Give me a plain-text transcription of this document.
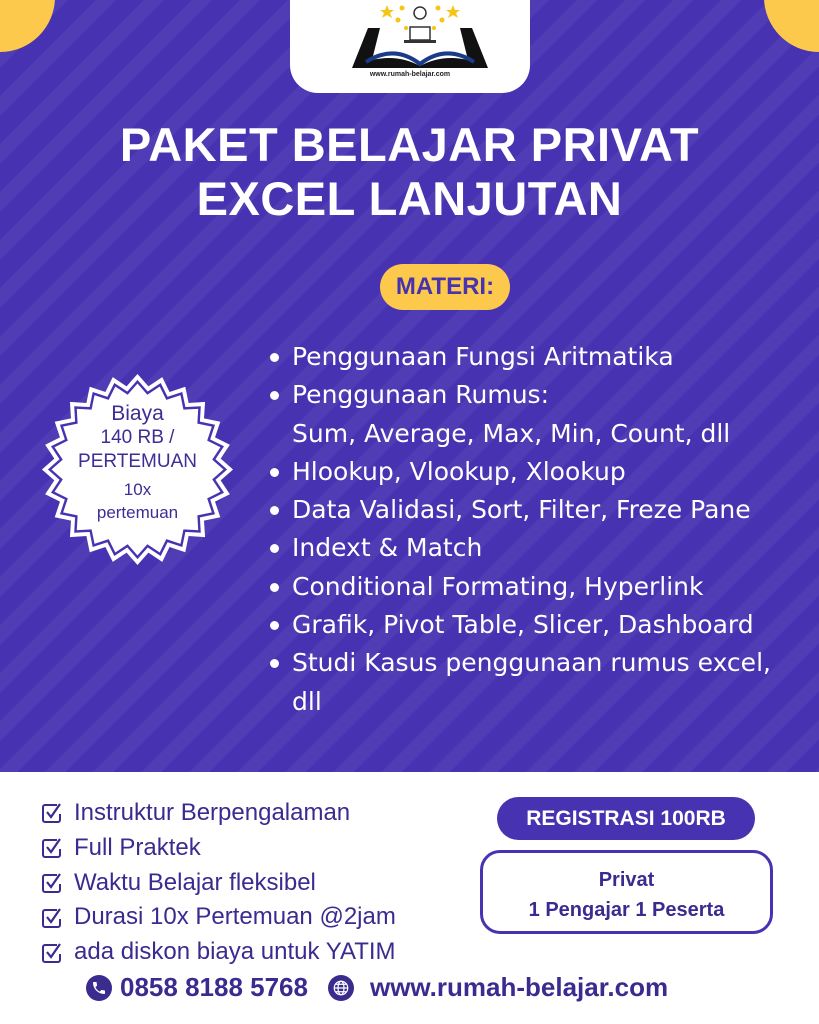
www.rumah-belajar.com
PAKET BELAJAR PRIVAT
EXCEL LANJUTAN
MATERI:
Biaya
140 RB /
PERTEMUAN
10x
pertemuan
Penggunaan Fungsi Aritmatika
Penggunaan Rumus:
Sum, Average, Max, Min, Count, dll
Hlookup, Vlookup, Xlookup
Data Validasi, Sort, Filter, Freze Pane
Indext & Match
Conditional Formating, Hyperlink
Grafik, Pivot Table, Slicer, Dashboard
Studi Kasus penggunaan rumus excel,
dll
Instruktur Berpengalaman
Full Praktek
Waktu Belajar fleksibel
Durasi 10x Pertemuan @2jam
ada diskon biaya untuk YATIM
REGISTRASI 100RB
Privat
1 Pengajar 1 Peserta
0858 8188 5768 www.rumah-belajar.com
